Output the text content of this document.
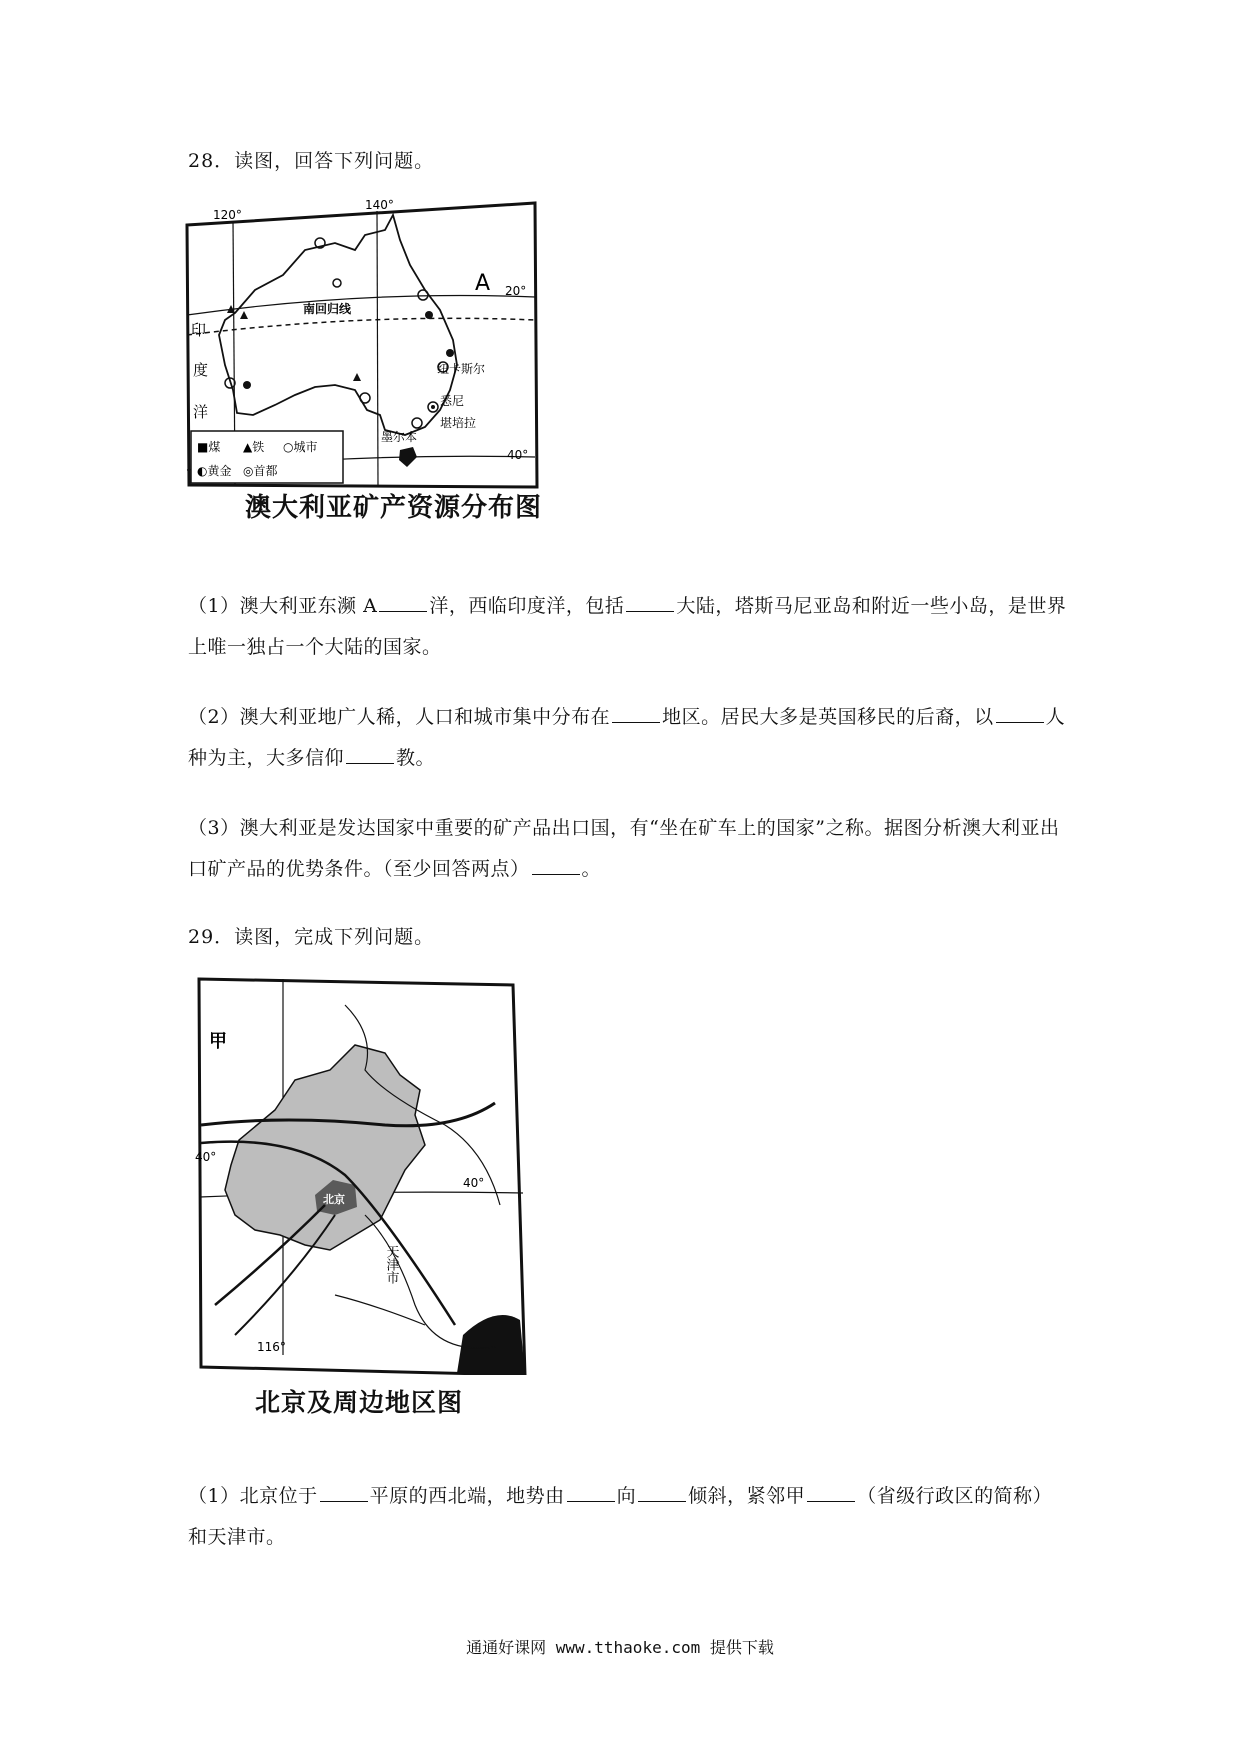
28．读图，回答下列问题。
120°
140°
20°
40°
A
印
度
洋
南回归线
纽卡斯尔
悉尼
堪培拉
墨尔本
■煤 ▲铁 ○城市
◐黄金 ◎首都
澳大利亚矿产资源分布图
（1）澳大利亚东濒 A	洋，西临印度洋，包括	大陆，塔斯马尼亚岛和附近一些小岛，是世界上唯一独占一个大陆的国家。
（2）澳大利亚地广人稀，人口和城市集中分布在	地区。居民大多是英国移民的后裔，以	人种为主，大多信仰	教。
（3）澳大利亚是发达国家中重要的矿产品出口国，有“坐在矿车上的国家”之称。据图分析澳大利亚出口矿产品的优势条件。（至少回答两点）	。
29．读图，完成下列问题。
甲
北京
天津市
40°
40°
116°
北京及周边地区图
（1）北京位于	平原的西北端，地势由	向	倾斜，紧邻甲	（省级行政区的简称）和天津市。
通通好课网 www.tthaoke.com 提供下载
